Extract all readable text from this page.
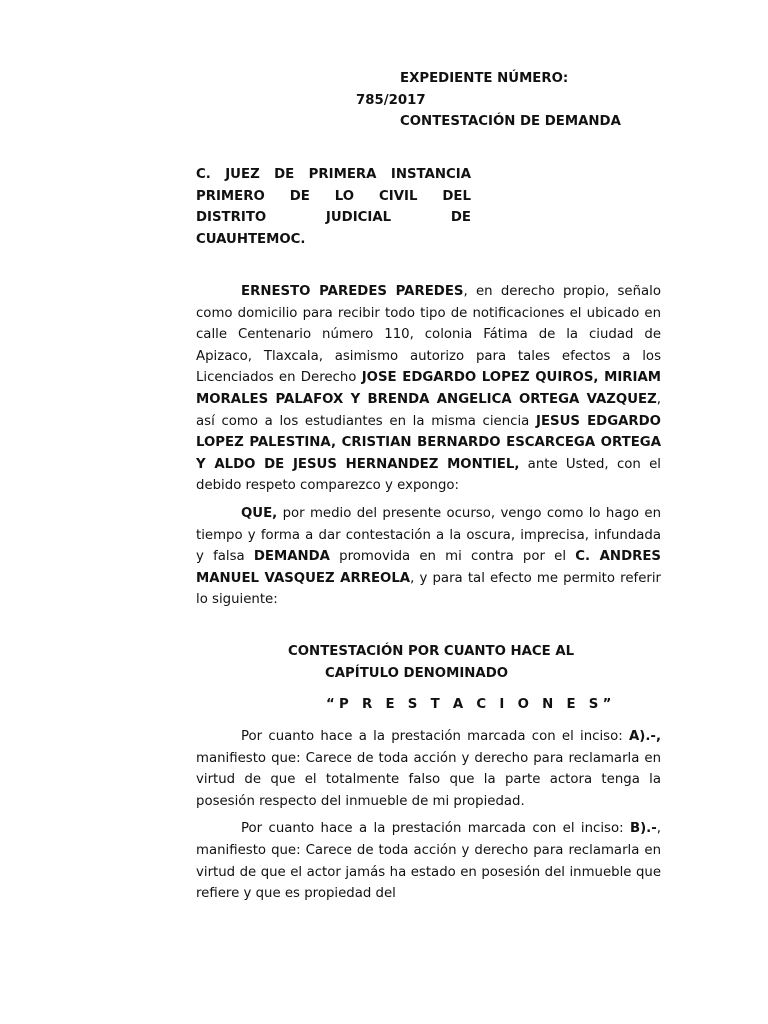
EXPEDIENTE NÚMERO:
785/2017
CONTESTACIÓN DE DEMANDA
C. JUEZ DE PRIMERA INSTANCIA
PRIMERO DE LO CIVIL DEL
DISTRITO JUDICIAL DE
CUAUHTEMOC.

ERNESTO PAREDES PAREDES, en derecho propio, señalo como domicilio para recibir todo tipo de notificaciones el ubicado en calle Centenario número 110, colonia Fátima de la ciudad de Apizaco, Tlaxcala, asimismo autorizo para tales efectos a los Licenciados en Derecho JOSE EDGARDO LOPEZ QUIROS, MIRIAM MORALES PALAFOX Y BRENDA ANGELICA ORTEGA VAZQUEZ, así como a los estudiantes en la misma ciencia JESUS EDGARDO LOPEZ PALESTINA, CRISTIAN BERNARDO ESCARCEGA ORTEGA Y ALDO DE JESUS HERNANDEZ MONTIEL, ante Usted, con el debido respeto comparezco y expongo:

QUE, por medio del presente ocurso, vengo como lo hago en tiempo y forma a dar contestación a la oscura, imprecisa, infundada y falsa DEMANDA promovida en mi contra por el C. ANDRES MANUEL VASQUEZ ARREOLA, y para tal efecto me permito referir lo siguiente:

CONTESTACIÓN POR CUANTO HACE AL
CAPÍTULO DENOMINADO
“P R E S T A C I O N E S”

Por cuanto hace a la prestación marcada con el inciso: A).-, manifiesto que: Carece de toda acción y derecho para reclamarla en virtud de que el totalmente falso que la parte actora tenga la posesión respecto del inmueble de mi propiedad.

Por cuanto hace a la prestación marcada con el inciso: B).-, manifiesto que: Carece de toda acción y derecho para reclamarla en virtud de que el actor jamás ha estado en posesión del inmueble que refiere y que es propiedad del
